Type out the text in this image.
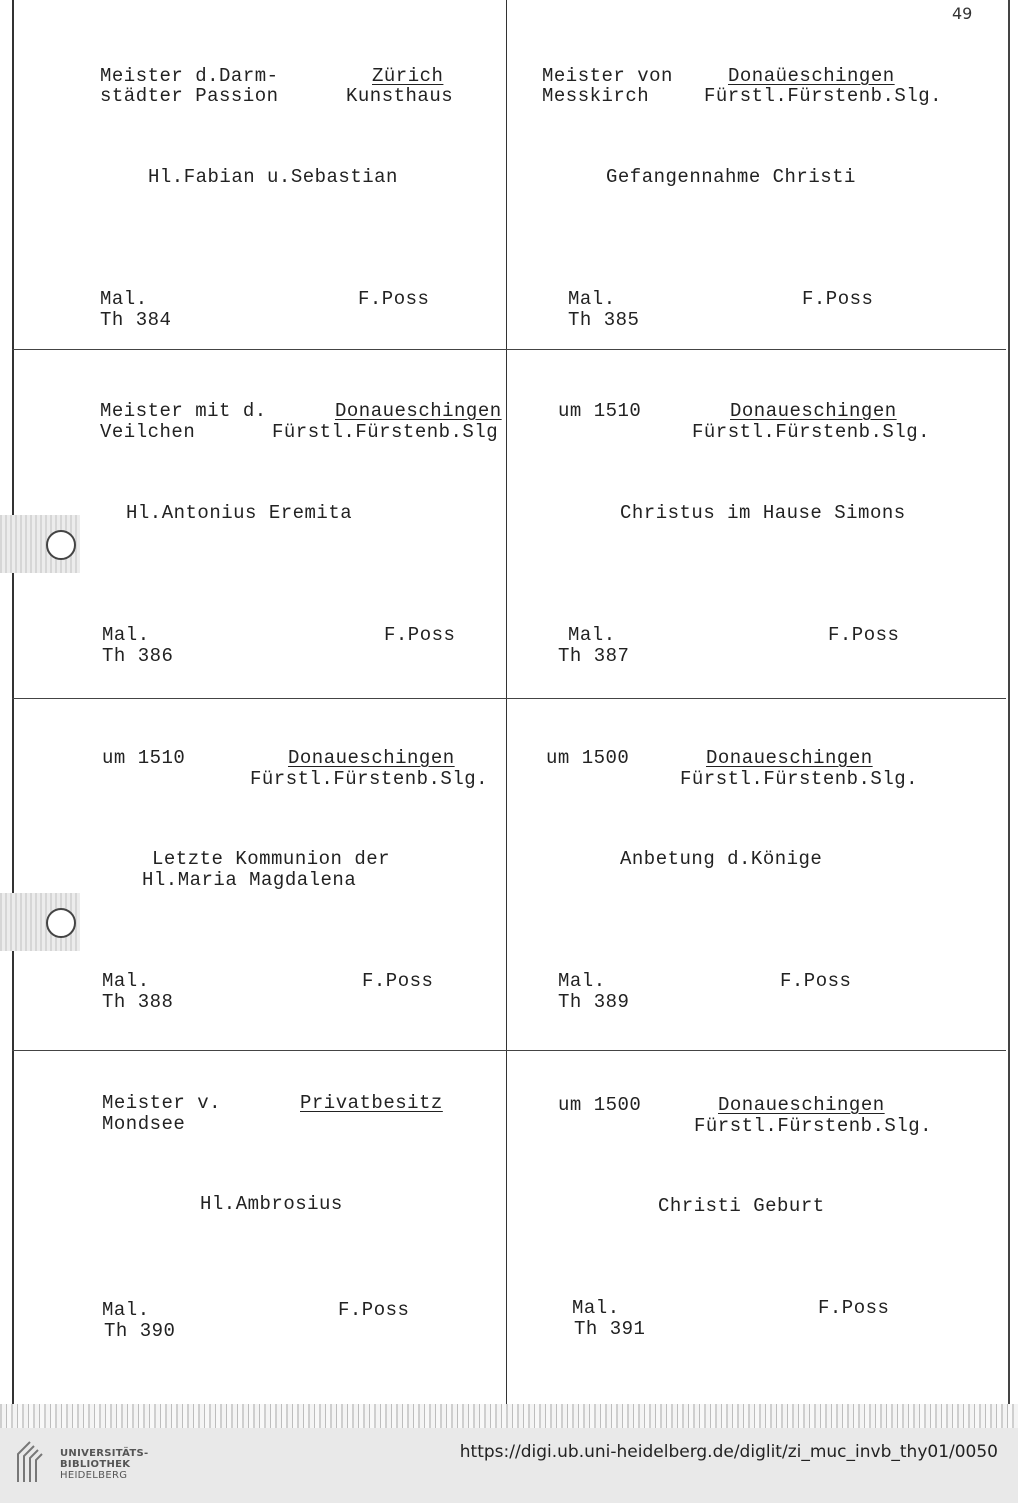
49
Meister d.Darm-
städter Passion
Zürich
Kunsthaus
Hl.Fabian u.Sebastian
Mal.
Th 384
F.Poss
Meister von
Messkirch
Donaüeschingen
Fürstl.Fürstenb.Slg.
Gefangennahme Christi
Mal.
Th 385
F.Poss
Meister mit d.
Veilchen
Donaueschingen
Fürstl.Fürstenb.Slg
Hl.Antonius Eremita
Mal.
Th 386
F.Poss
um 1510	Donaueschingen
Fürstl.Fürstenb.Slg.
Christus im Hause Simons
Mal.
Th 387
F.Poss
um 1510	Donaueschingen
Fürstl.Fürstenb.Slg.
Letzte Kommunion der
Hl.Maria Magdalena
Mal.
Th 388
F.Poss
um 1500	Donaueschingen
Fürstl.Fürstenb.Slg.
Anbetung d.Könige
Mal.
Th 389
F.Poss
Meister v.
Mondsee
Privatbesitz
Hl.Ambrosius
Mal.
Th 390
F.Poss
um 1500	Donaueschingen
Fürstl.Fürstenb.Slg.
Christi Geburt
Mal.
Th 391
F.Poss
UNIVERSITÄTS-
BIBLIOTHEK
HEIDELBERG
https://digi.ub.uni-heidelberg.de/diglit/zi_muc_invb_thy01/0050
